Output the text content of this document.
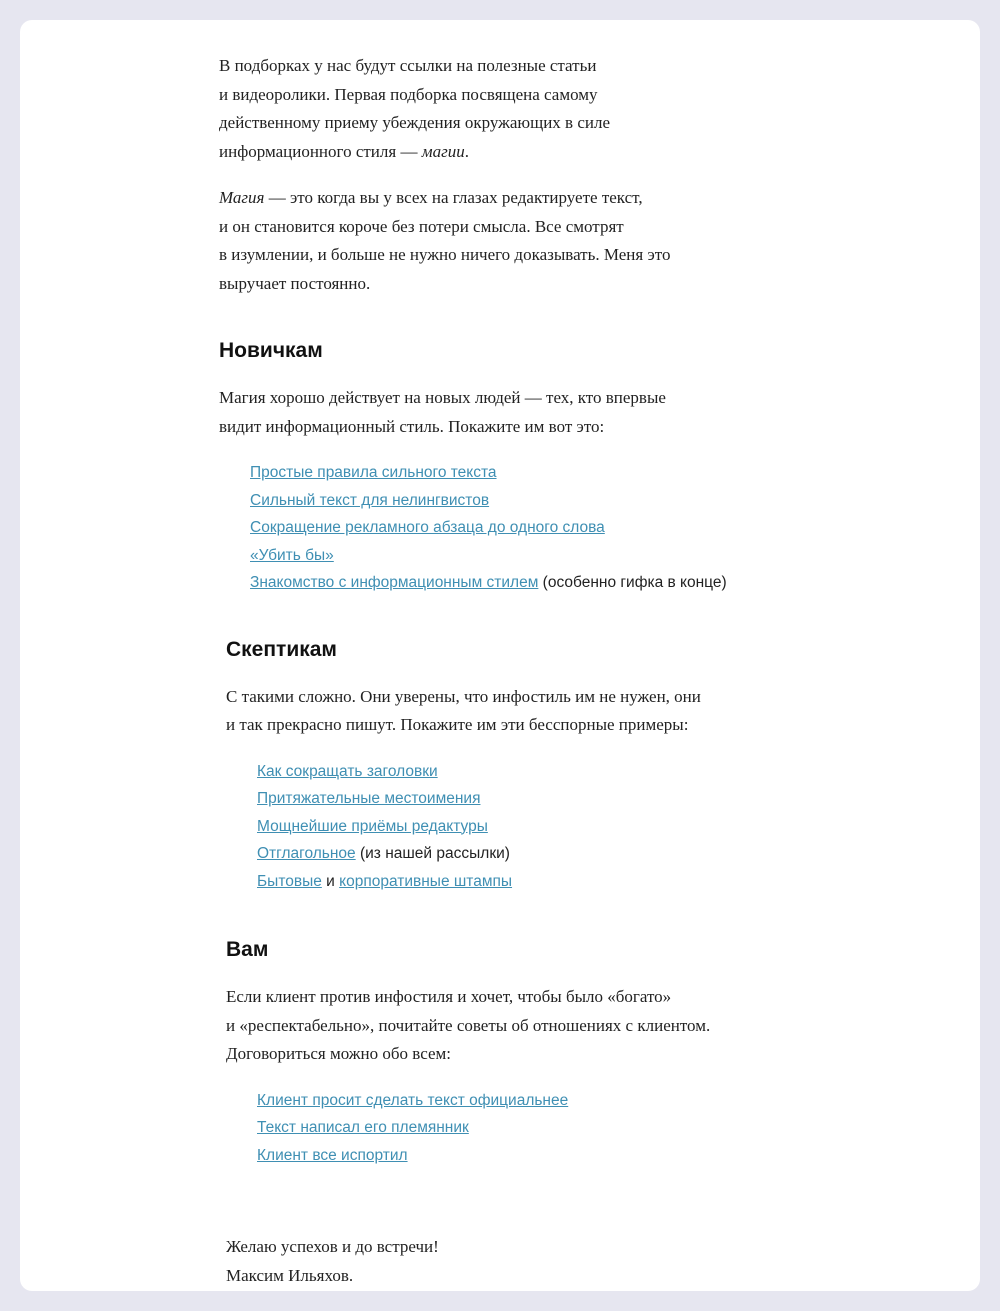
В подборках у нас будут ссылки на полезные статьи
и видеоролики. Первая подборка посвящена самому
действенному приему убеждения окружающих в силе
информационного стиля — магии.

Магия — это когда вы у всех на глазах редактируете текст,
и он становится короче без потери смысла. Все смотрят
в изумлении, и больше не нужно ничего доказывать. Меня это
выручает постоянно.

Новичкам

Магия хорошо действует на новых людей — тех, кто впервые
видит информационный стиль. Покажите им вот это:

Простые правила сильного текста
Сильный текст для нелингвистов
Сокращение рекламного абзаца до одного слова
«Убить бы»
Знакомство с информационным стилем (особенно гифка в конце)
Скептикам

С такими сложно. Они уверены, что инфостиль им не нужен, они
и так прекрасно пишут. Покажите им эти бесспорные примеры:

Как сокращать заголовки
Притяжательные местоимения
Мощнейшие приёмы редактуры
Отглагольное (из нашей рассылки)
Бытовые и корпоративные штампы
Вам

Если клиент против инфостиля и хочет, чтобы было «богато»
и «респектабельно», почитайте советы об отношениях с клиентом.
Договориться можно обо всем:

Клиент просит сделать текст официальнее
Текст написал его племянник
Клиент все испортил

Желаю успехов и до встречи!
Максим Ильяхов.
